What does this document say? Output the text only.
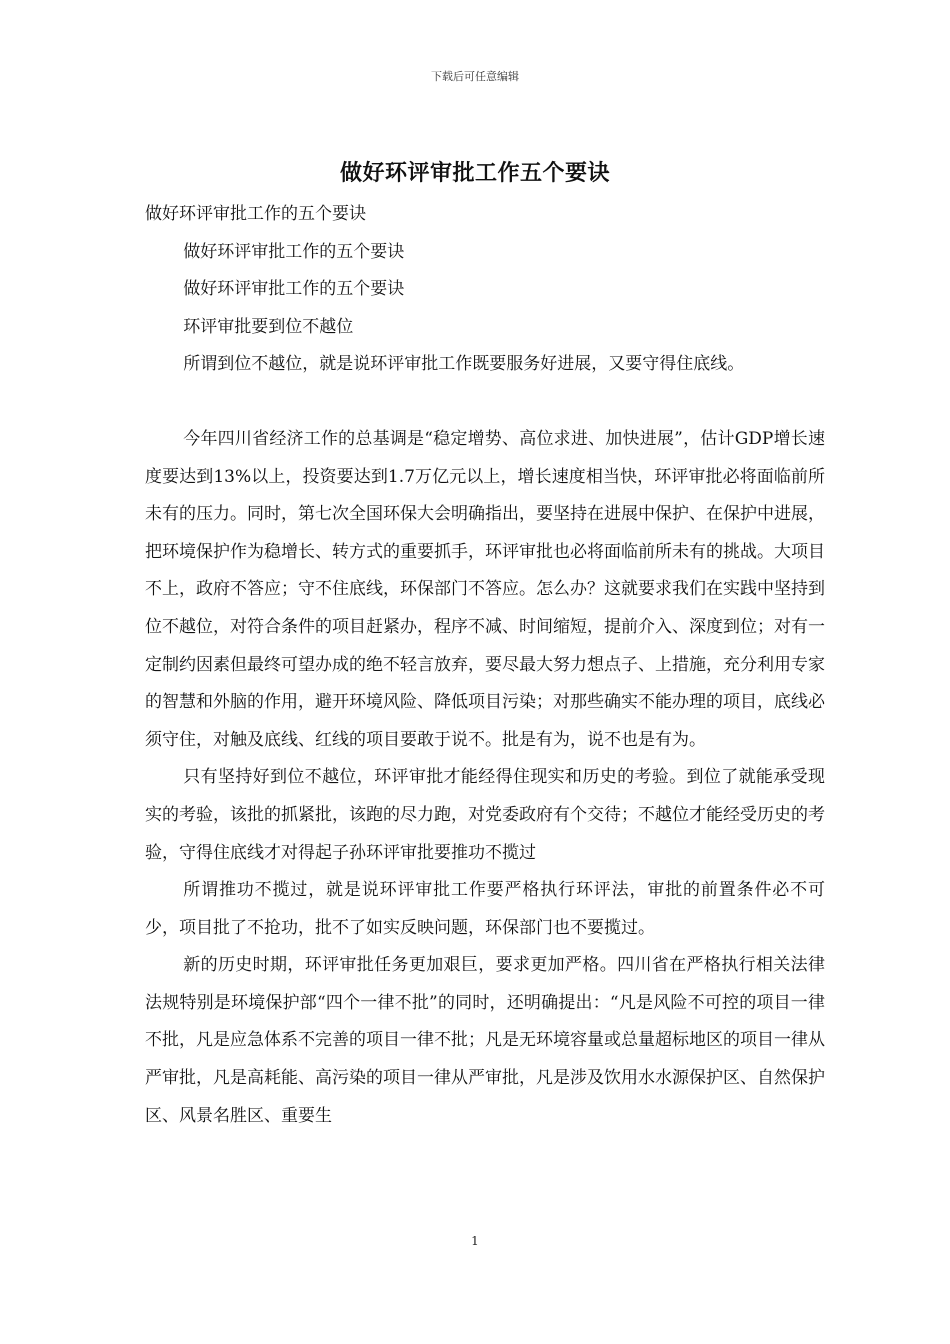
下载后可任意编辑
做好环评审批工作五个要诀

做好环评审批工作的五个要诀

做好环评审批工作的五个要诀

做好环评审批工作的五个要诀

环评审批要到位不越位

所谓到位不越位，就是说环评审批工作既要服务好进展，又要守得住底线。

今年四川省经济工作的总基调是“稳定增势、高位求进、加快进展”，估计GDP增长速度要达到13%以上，投资要达到1.7万亿元以上，增长速度相当快，环评审批必将面临前所未有的压力。同时，第七次全国环保大会明确指出，要坚持在进展中保护、在保护中进展，把环境保护作为稳增长、转方式的重要抓手，环评审批也必将面临前所未有的挑战。大项目不上，政府不答应；守不住底线，环保部门不答应。怎么办？这就要求我们在实践中坚持到位不越位，对符合条件的项目赶紧办，程序不减、时间缩短，提前介入、深度到位；对有一定制约因素但最终可望办成的绝不轻言放弃，要尽最大努力想点子、上措施，充分利用专家的智慧和外脑的作用，避开环境风险、降低项目污染；对那些确实不能办理的项目，底线必须守住，对触及底线、红线的项目要敢于说不。批是有为，说不也是有为。

只有坚持好到位不越位，环评审批才能经得住现实和历史的考验。到位了就能承受现实的考验，该批的抓紧批，该跑的尽力跑，对党委政府有个交待；不越位才能经受历史的考验，守得住底线才对得起子孙环评审批要推功不揽过

所谓推功不揽过，就是说环评审批工作要严格执行环评法，审批的前置条件必不可少，项目批了不抢功，批不了如实反映问题，环保部门也不要揽过。

新的历史时期，环评审批任务更加艰巨，要求更加严格。四川省在严格执行相关法律法规特别是环境保护部“四个一律不批”的同时，还明确提出：“凡是风险不可控的项目一律不批，凡是应急体系不完善的项目一律不批；凡是无环境容量或总量超标地区的项目一律从严审批，凡是高耗能、高污染的项目一律从严审批，凡是涉及饮用水水源保护区、自然保护区、风景名胜区、重要生

1
